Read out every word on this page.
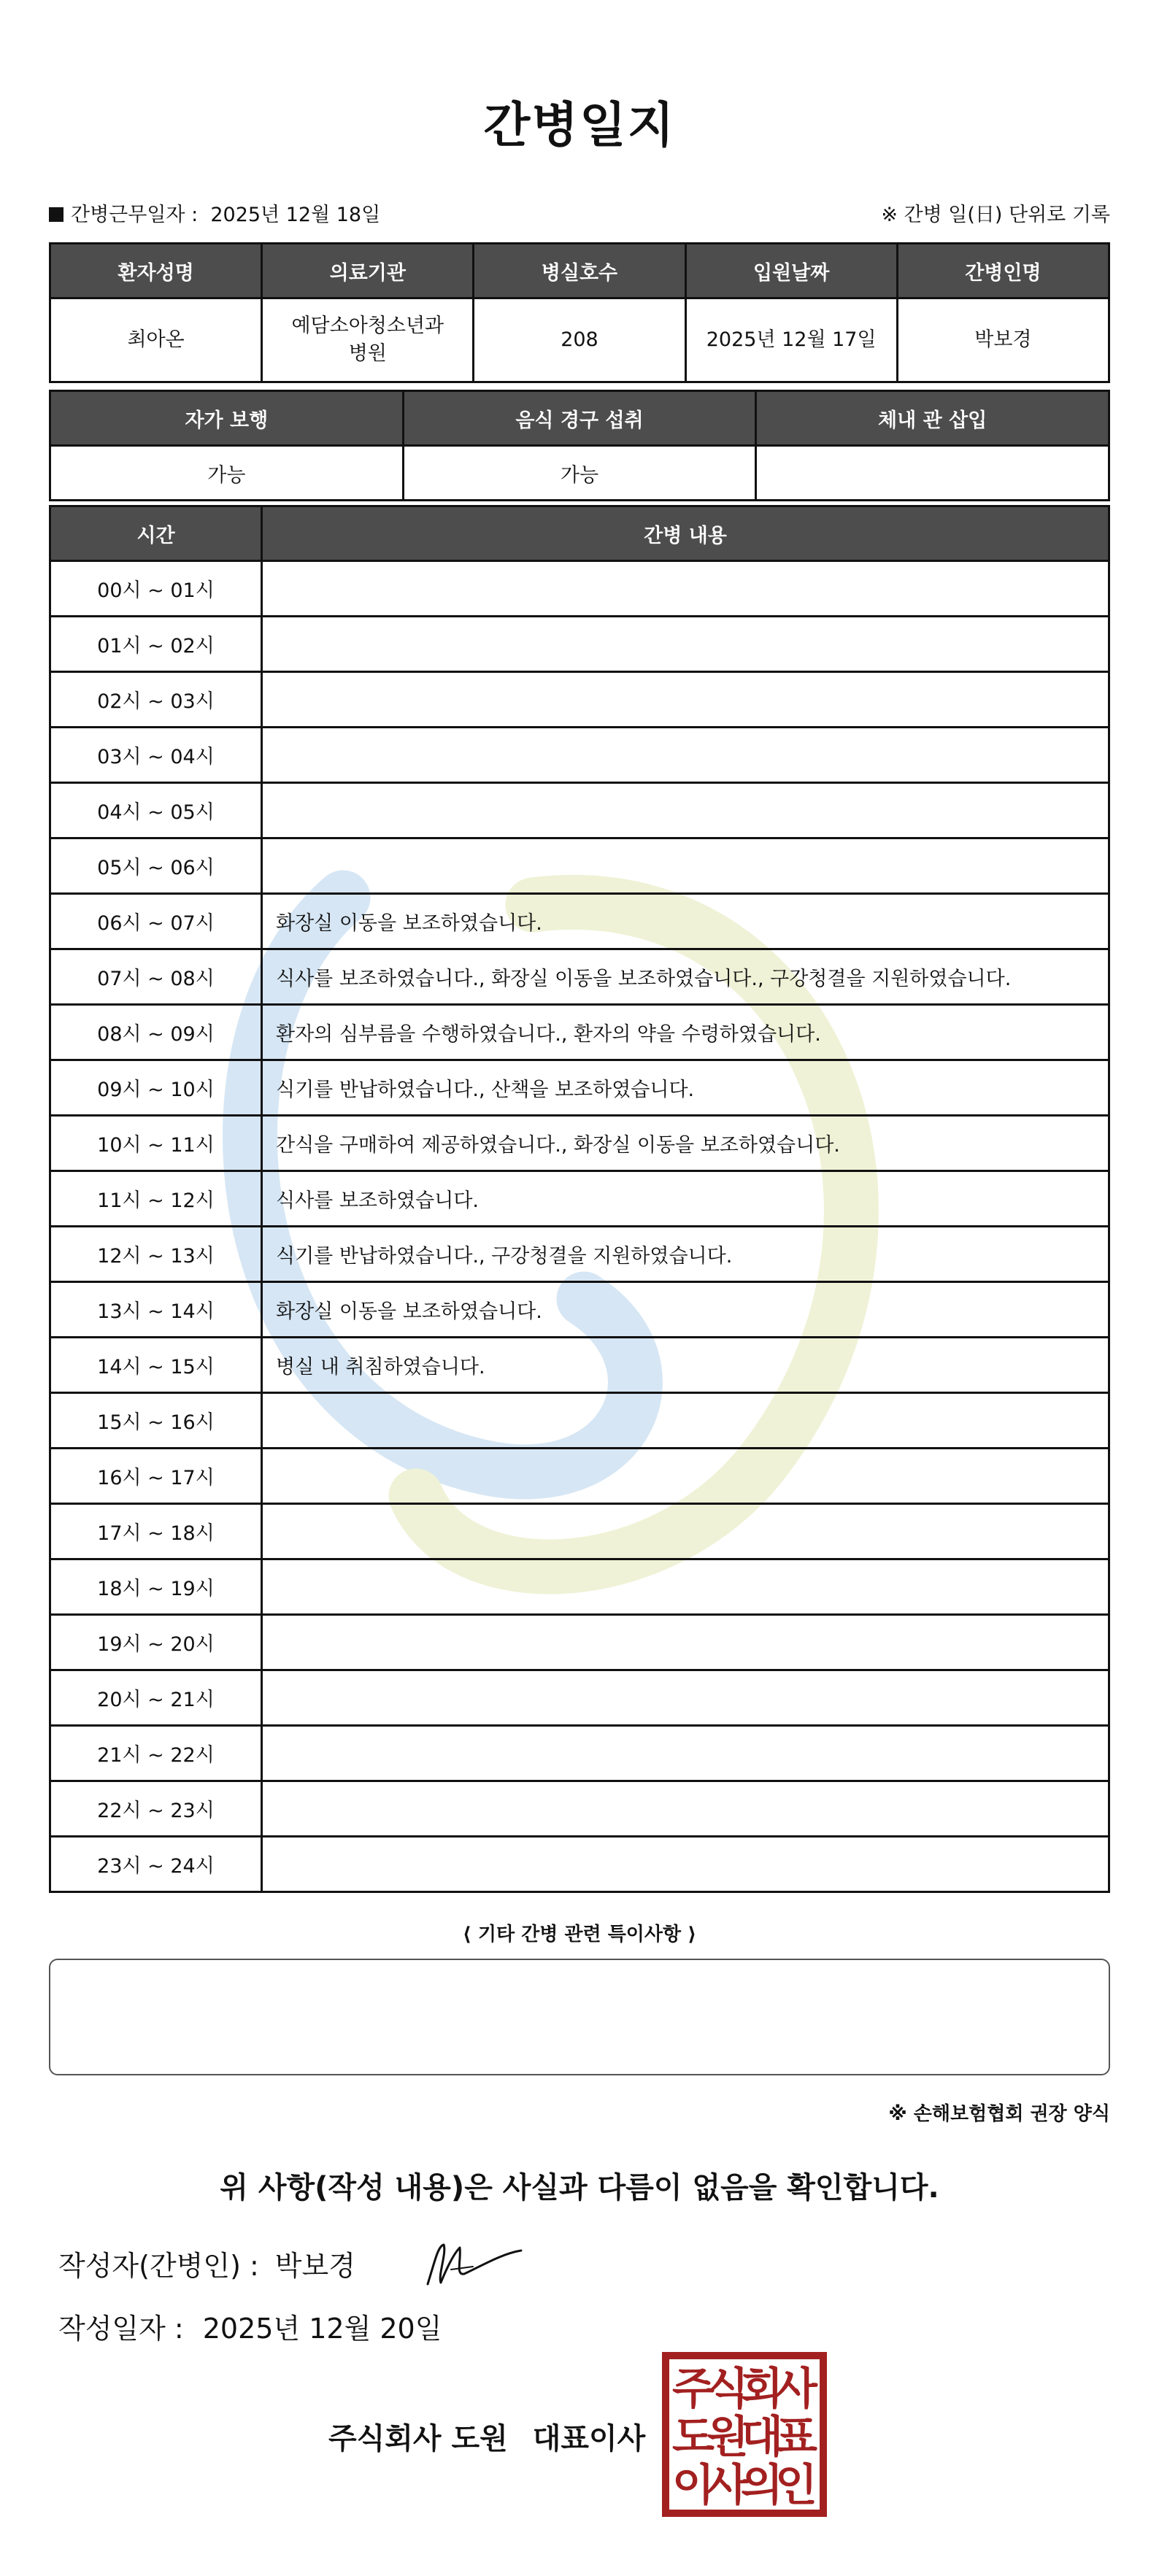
간병일지
간병근무일자 : 2025년 12월 18일	※ 간병 일(日) 단위로 기록
환자성명	의료기관	병실호수	입원날짜	간병인명
최아온	예담소아청소년과병원	208	2025년 12월 17일	박보경
자가 보행	음식 경구 섭취	체내 관 삽입
가능	가능	
시간	간병 내용
00시 ~ 01시	
01시 ~ 02시	
02시 ~ 03시	
03시 ~ 04시	
04시 ~ 05시	
05시 ~ 06시	
06시 ~ 07시	화장실 이동을 보조하였습니다.
07시 ~ 08시	식사를 보조하였습니다., 화장실 이동을 보조하였습니다., 구강청결을 지원하였습니다.
08시 ~ 09시	환자의 심부름을 수행하였습니다., 환자의 약을 수령하였습니다.
09시 ~ 10시	식기를 반납하였습니다., 산책을 보조하였습니다.
10시 ~ 11시	간식을 구매하여 제공하였습니다., 화장실 이동을 보조하였습니다.
11시 ~ 12시	식사를 보조하였습니다.
12시 ~ 13시	식기를 반납하였습니다., 구강청결을 지원하였습니다.
13시 ~ 14시	화장실 이동을 보조하였습니다.
14시 ~ 15시	병실 내 취침하였습니다.
15시 ~ 16시	
16시 ~ 17시	
17시 ~ 18시	
18시 ~ 19시	
19시 ~ 20시	
20시 ~ 21시	
21시 ~ 22시	
22시 ~ 23시	
23시 ~ 24시	
⟨ 기타 간병 관련 특이사항 ⟩
※ 손해보험협회 권장 양식
위 사항(작성 내용)은 사실과 다름이 없음을 확인합니다.
작성자(간병인) : 박보경
작성일자 : 2025년 12월 20일
주식회사 도원 대표이사
주
식
회
사
도
원
대
표
이
사
의
인
